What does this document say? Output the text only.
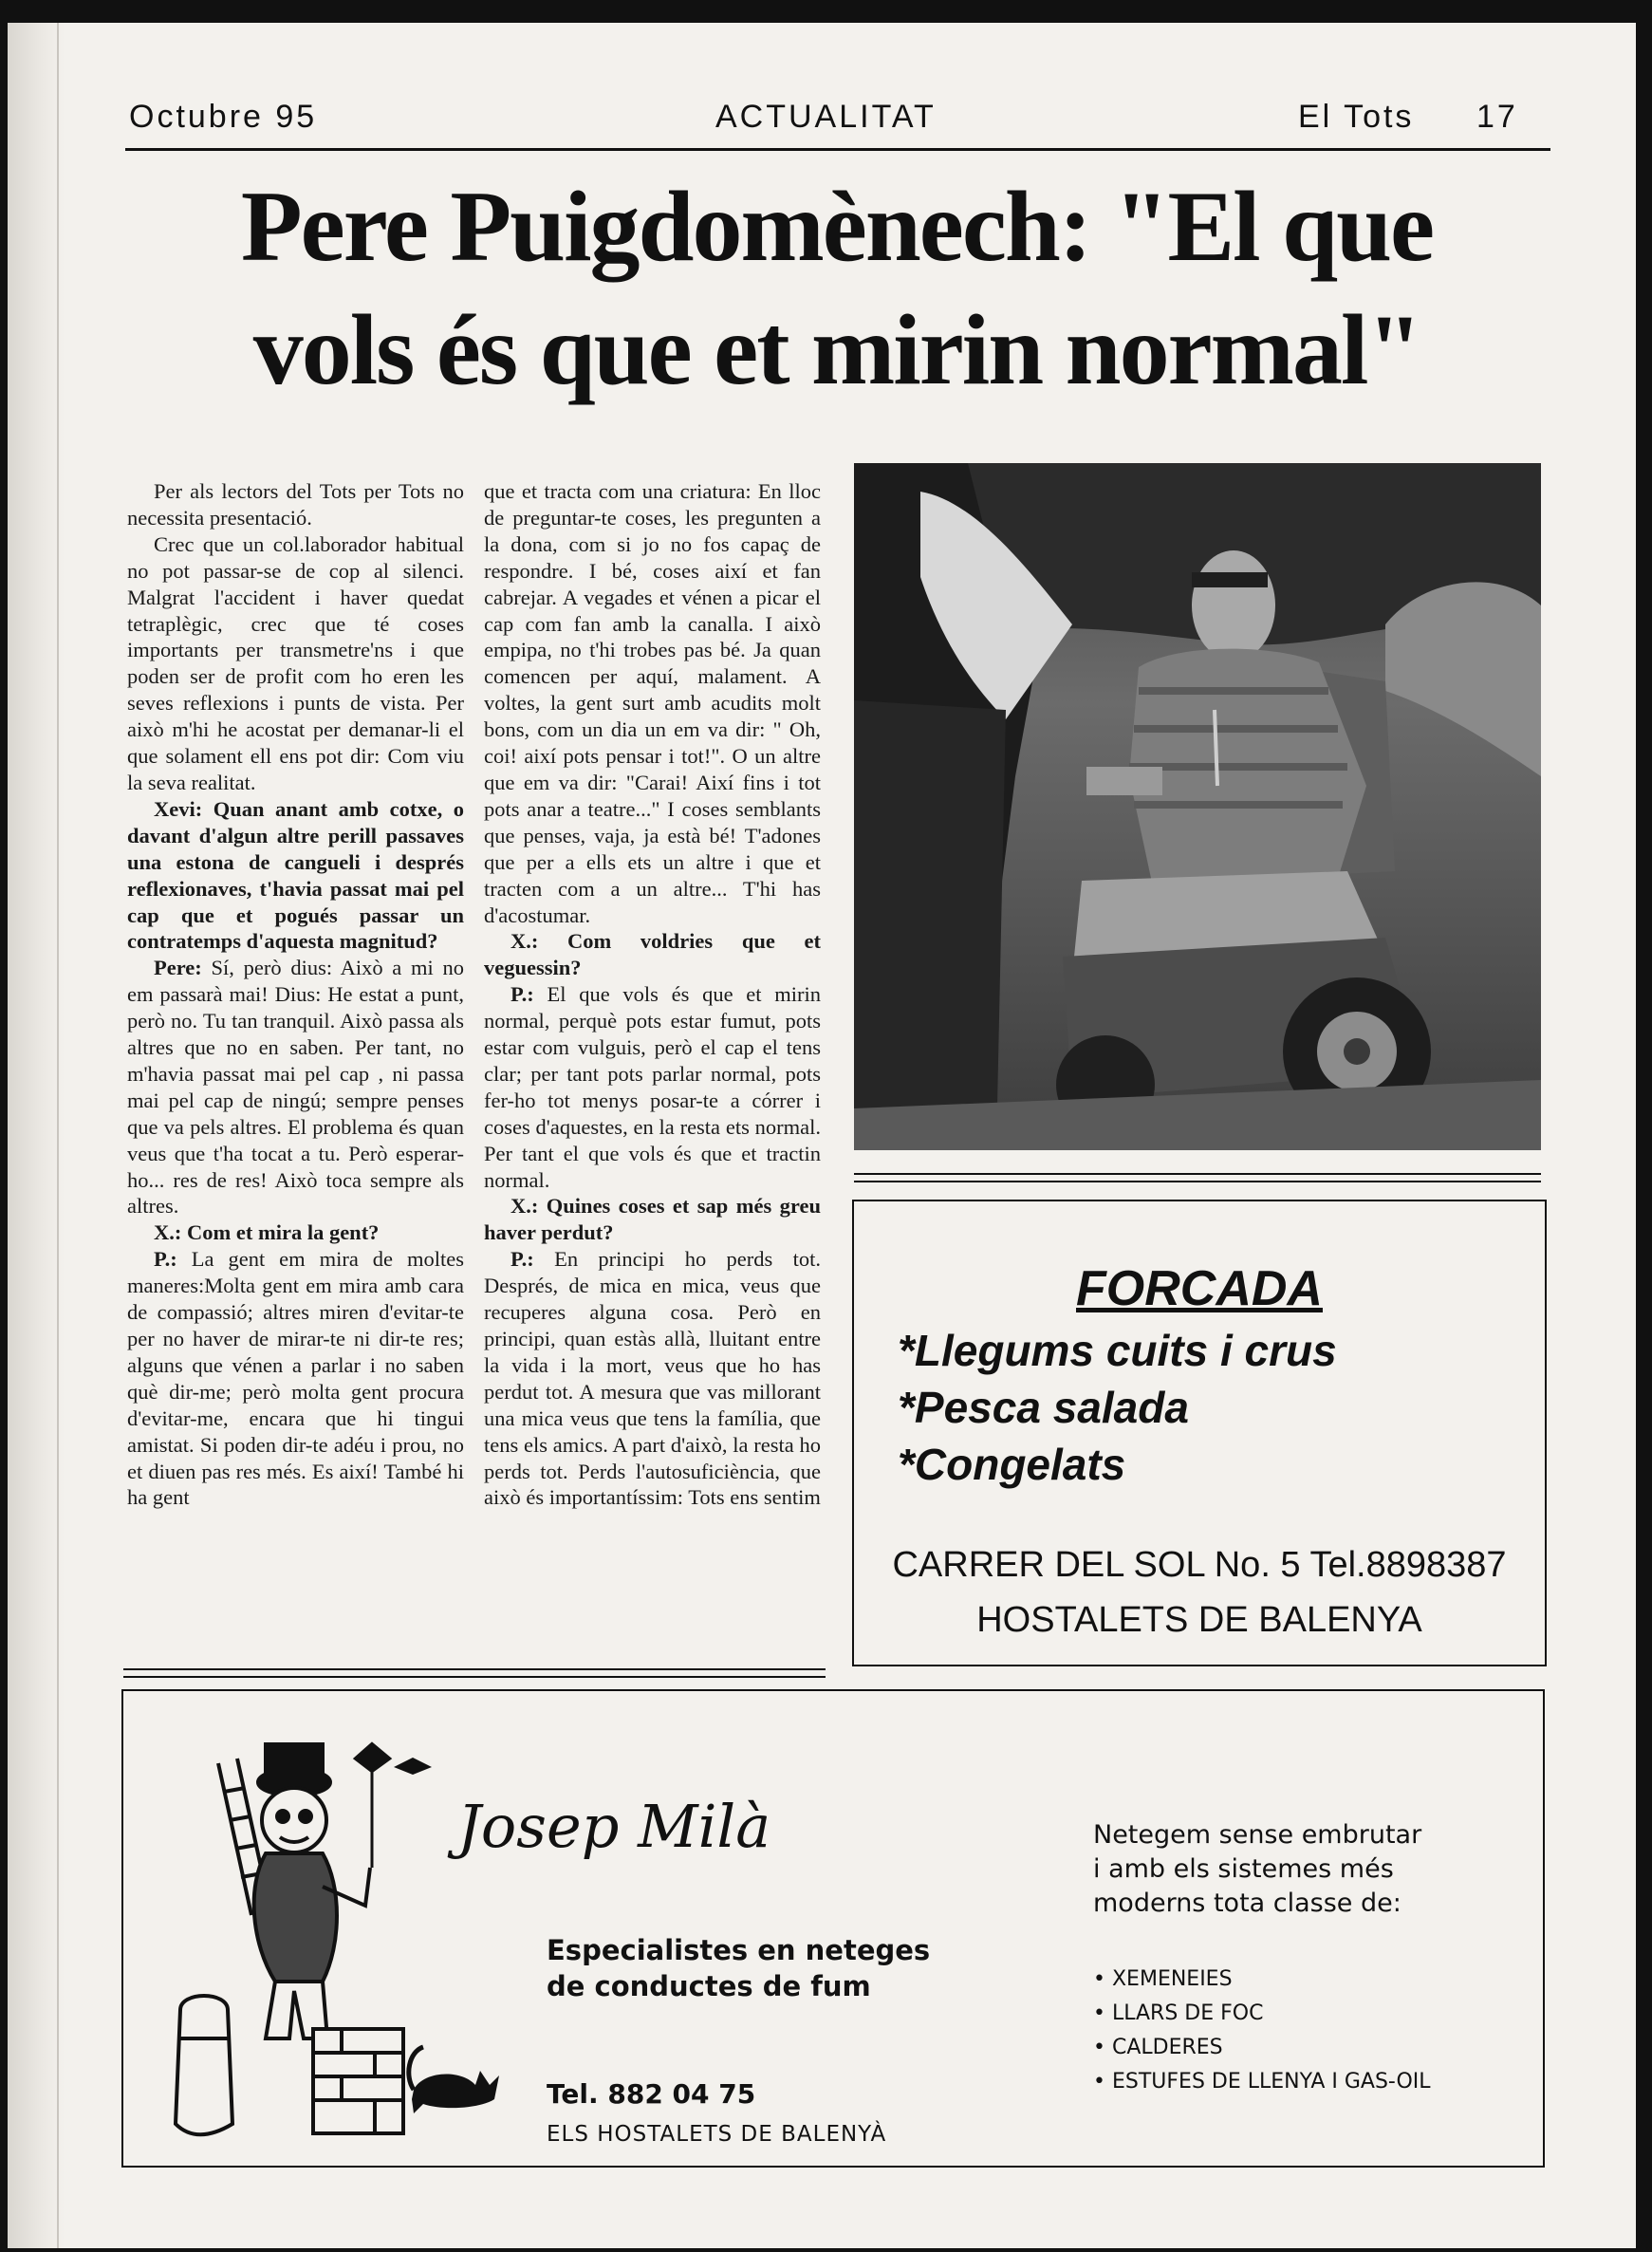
Octubre 95	ACTUALITAT	El Tots 17
Pere Puigdomènech: "El que
vols és que et mirin normal"

Per als lectors del Tots per Tots no necessita presentació.

Crec que un col.laborador habitual no pot passar-se de cop al silenci. Malgrat l'accident i haver quedat tetraplègic, crec que té coses importants per transmetre'ns i que poden ser de profit com ho eren les seves reflexions i punts de vista. Per això m'hi he acostat per demanar-li el que solament ell ens pot dir: Com viu la seva realitat.

Xevi: Quan anant amb cotxe, o davant d'algun altre perill passaves una estona de cangueli i després reflexionaves, t'havia passat mai pel cap que et pogués passar un contratemps d'aquesta magnitud?

Pere: Sí, però dius: Això a mi no em passarà mai! Dius: He estat a punt, però no. Tu tan tranquil. Això passa als altres que no en saben. Per tant, no m'havia passat mai pel cap , ni passa mai pel cap de ningú; sempre penses que va pels altres. El problema és quan veus que t'ha tocat a tu. Però esperar-ho... res de res! Això toca sempre als altres.

X.: Com et mira la gent?

P.: La gent em mira de moltes maneres:Molta gent em mira amb cara de compassió; altres miren d'evitar-te per no haver de mirar-te ni dir-te res; alguns que vénen a parlar i no saben què dir-me; però molta gent procura d'evitar-me, encara que hi tingui amistat. Si poden dir-te adéu i prou, no et diuen pas res més. Es així! També hi ha gent

que et tracta com una criatura: En lloc de preguntar-te coses, les pregunten a la dona, com si jo no fos capaç de respondre. I bé, coses així et fan cabrejar. A vegades et vénen a picar el cap com fan amb la canalla. I això empipa, no t'hi trobes pas bé. Ja quan comencen per aquí, malament. A voltes, la gent surt amb acudits molt bons, com un dia un em va dir: " Oh, coi! així pots pensar i tot!". O un altre que em va dir: "Carai! Així fins i tot pots anar a teatre..." I coses semblants que penses, vaja, ja està bé! T'adones que per a ells ets un altre i que et tracten com a un altre... T'hi has d'acostumar.

X.: Com voldries que et veguessin?

P.: El que vols és que et mirin normal, perquè pots estar fumut, pots estar com vulguis, però el cap el tens clar; per tant pots parlar normal, pots fer-ho tot menys posar-te a córrer i coses d'aquestes, en la resta ets normal. Per tant el que vols és que et tractin normal.

X.: Quines coses et sap més greu haver perdut?

P.: En principi ho perds tot. Després, de mica en mica, veus que recuperes alguna cosa. Però en principi, quan estàs allà, lluitant entre la vida i la mort, veus que ho has perdut tot. A mesura que vas millorant una mica veus que tens la família, que tens els amics. A part d'això, la resta ho perds tot. Perds l'autosuficiència, que això és importantíssim: Tots ens sentim

FORCADA
*Llegums cuits i crus
*Pesca salada
*Congelats
CARRER DEL SOL No. 5 Tel.8898387
HOSTALETS DE BALENYA
Josep Milà
Especialistes en neteges
de conductes de fum
Tel. 882 04 75
ELS HOSTALETS DE BALENYÀ
Netegem sense embrutar
i amb els sistemes més
moderns tota classe de:
• XEMENEIES
• LLARS DE FOC
• CALDERES
• ESTUFES DE LLENYA I GAS-OIL
